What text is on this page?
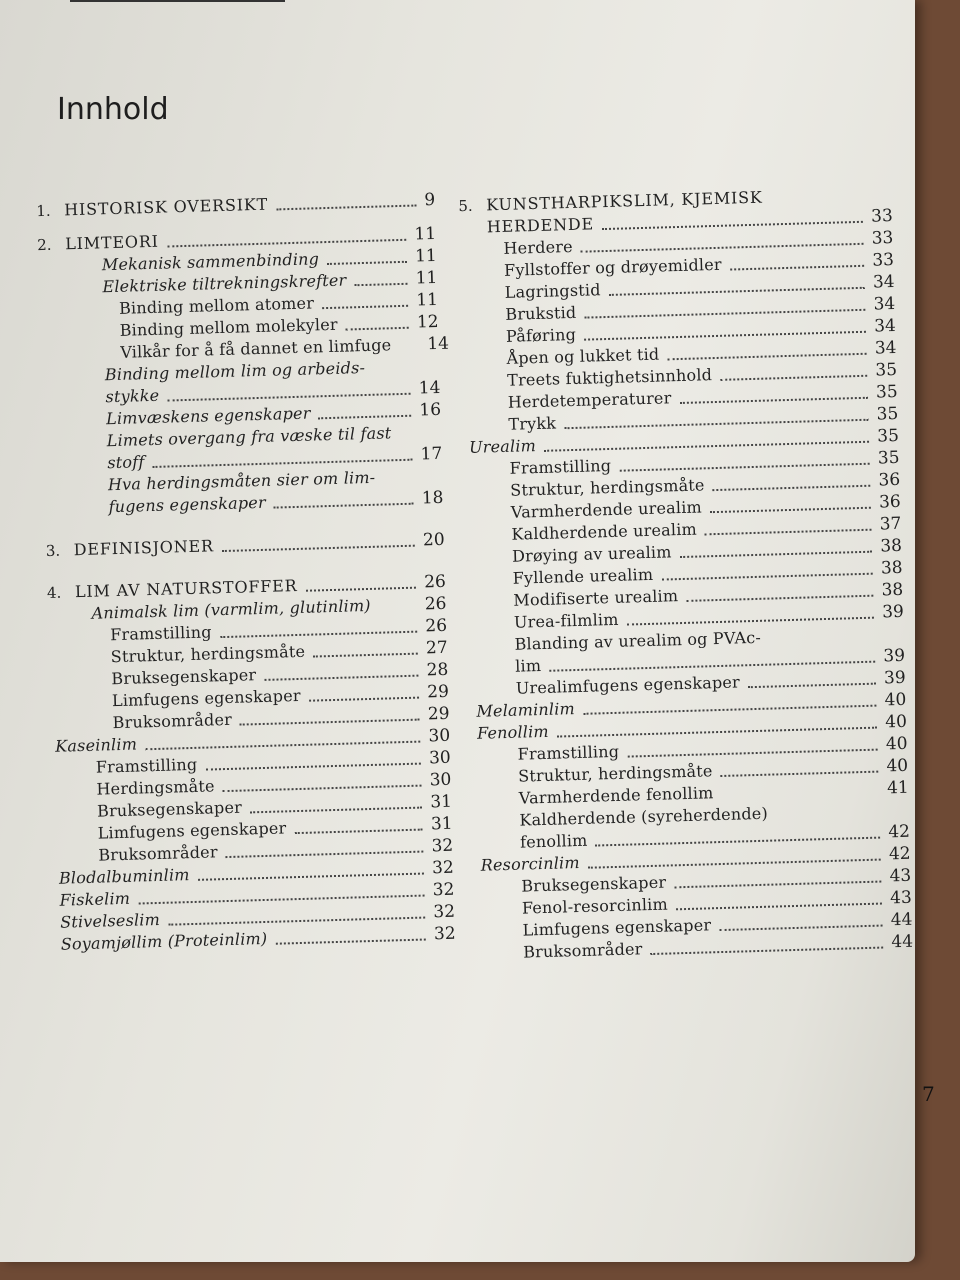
Innhold
1. HISTORISK OVERSIKT	9
2. LIMTEORI	11
Mekanisk sammenbinding	11
Elektriske tiltrekningskrefter	11
Binding mellom atomer	11
Binding mellom molekyler	12
Vilkår for å få dannet en limfuge 14
Binding mellom lim og arbeids-
stykke	14
Limvæskens egenskaper	16
Limets overgang fra væske til fast
stoff	17
Hva herdingsmåten sier om lim-
fugens egenskaper	18
3. DEFINISJONER	20
4. LIM AV NATURSTOFFER	26
Animalsk lim (varmlim, glutinlim)	26
Framstilling	26
Struktur, herdingsmåte	27
Bruksegenskaper	28
Limfugens egenskaper	29
Bruksområder	29
Kaseinlim	30
Framstilling	30
Herdingsmåte	30
Bruksegenskaper	31
Limfugens egenskaper	31
Bruksområder	32
Blodalbuminlim	32
Fiskelim	32
Stivelseslim	32
Soyamjøllim (Proteinlim)	32
5. KUNSTHARPIKSLIM, KJEMISK
HERDENDE	33
Herdere	33
Fyllstoffer og drøyemidler	33
Lagringstid	34
Brukstid	34
Påføring	34
Åpen og lukket tid	34
Treets fuktighetsinnhold	35
Herdetemperaturer	35
Trykk	35
Urealim	35
Framstilling	35
Struktur, herdingsmåte	36
Varmherdende urealim	36
Kaldherdende urealim	37
Drøying av urealim	38
Fyllende urealim	38
Modifiserte urealim	38
Urea-filmlim	39
Blanding av urealim og PVAc-
lim	39
Urealimfugens egenskaper	39
Melaminlim	40
Fenollim	40
Framstilling	40
Struktur, herdingsmåte	40
Varmherdende fenollim	41
Kaldherdende (syreherdende)
fenollim	42
Resorcinlim	42
Bruksegenskaper	43
Fenol-resorcinlim	43
Limfugens egenskaper	44
Bruksområder	44
7
